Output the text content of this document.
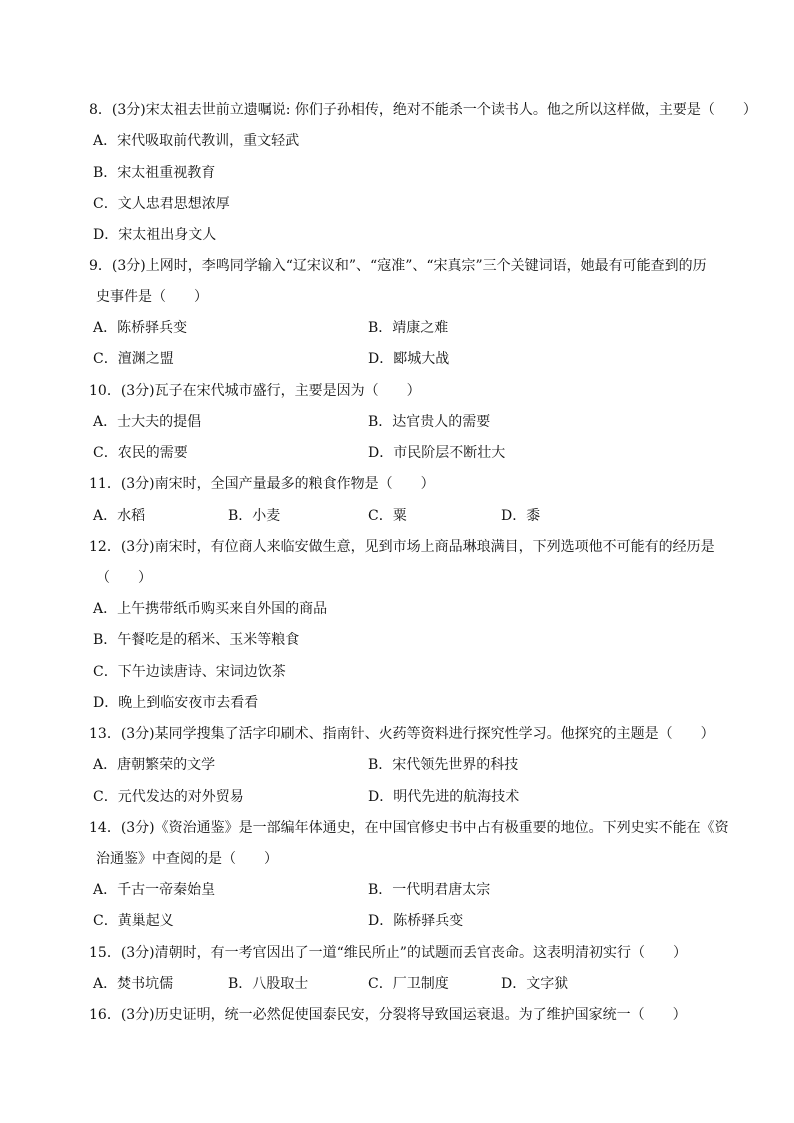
8．(3分)宋太祖去世前立遗嘱说: 你们子孙相传，绝对不能杀一个读书人。他之所以这样做，主要是（　　）
A．宋代吸取前代教训，重文轻武
B．宋太祖重视教育
C．文人忠君思想浓厚
D．宋太祖出身文人
9．(3分)上网时，李鸣同学输入“辽宋议和”、“寇准”、“宋真宗”三个关键词语，她最有可能查到的历
史事件是（　　）
A．陈桥驿兵变	B．靖康之难
C．澶渊之盟	D．郾城大战
10．(3分)瓦子在宋代城市盛行，主要是因为（　　）
A．士大夫的提倡	B．达官贵人的需要
C．农民的需要	D．市民阶层不断壮大
11．(3分)南宋时，全国产量最多的粮食作物是（　　）
A．水稻	B．小麦	C．粟	D．黍
12．(3分)南宋时，有位商人来临安做生意，见到市场上商品琳琅满目，下列选项他不可能有的经历是
（　　）
A．上午携带纸币购买来自外国的商品
B．午餐吃是的稻米、玉米等粮食
C．下午边读唐诗、宋词边饮茶
D．晚上到临安夜市去看看
13．(3分)某同学搜集了活字印刷术、指南针、火药等资料进行探究性学习。他探究的主题是（　　）
A．唐朝繁荣的文学	B．宋代领先世界的科技
C．元代发达的对外贸易	D．明代先进的航海技术
14．(3分)《资治通鉴》是一部编年体通史，在中国官修史书中占有极重要的地位。下列史实不能在《资
治通鉴》中查阅的是（　　）
A．千古一帝秦始皇	B．一代明君唐太宗
C．黄巢起义	D．陈桥驿兵变
15．(3分)清朝时，有一考官因出了一道“维民所止”的试题而丢官丧命。这表明清初实行（　　）
A．焚书坑儒	B．八股取士	C．厂卫制度	D．文字狱
16．(3分)历史证明，统一必然促使国泰民安，分裂将导致国运衰退。为了维护国家统一（　　）
